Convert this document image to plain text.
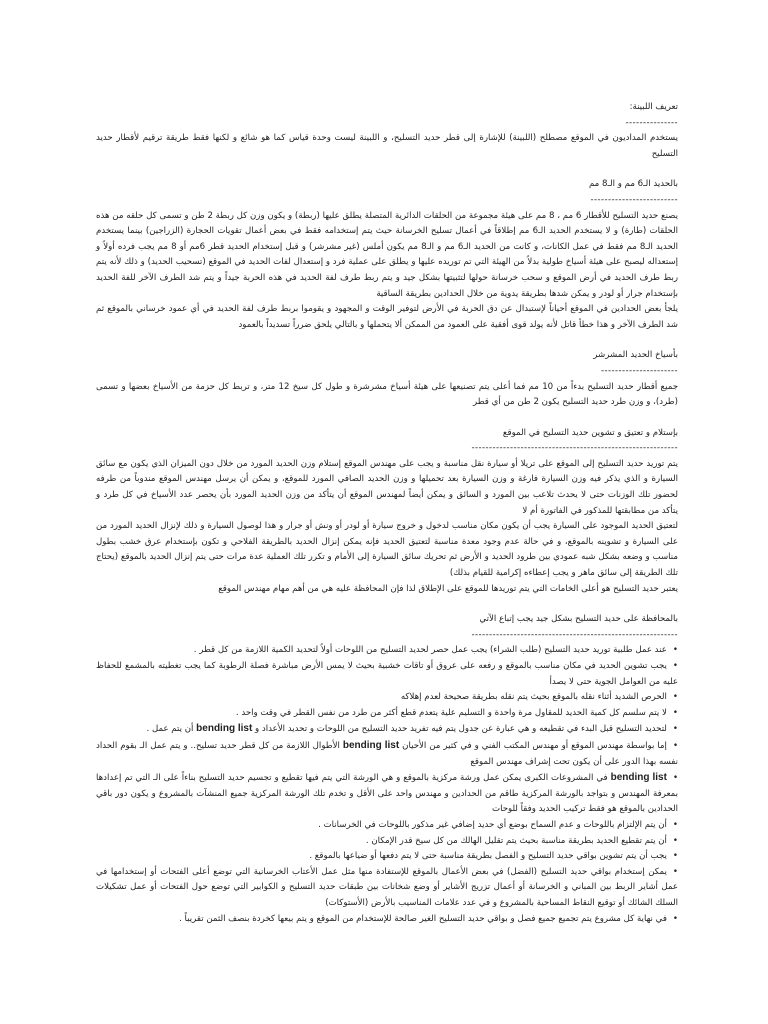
تعريف اللبينة:

---------------

يستخدم المداديون في الموقع مصطلح (اللبينة) للإشارة إلى قطر حديد التسليح، و اللبينة ليست وحدة قياس كما هو شائع و لكنها فقط طريقة ترقيم لأقطار حديد التسليح

بالحديد الـ6 مم و الـ8 مم

-------------------------

يصنع حديد التسليح للأقطار 6 مم ، 8 مم على هيئة مجموعة من الحلقات الدائرية المتصلة يطلق عليها (ربطة) و يكون وزن كل ربطة 2 طن و تسمى كل حلقه من هذه الحلقات (طارة) و لا يستخدم الحديد الـ6 مم إطلاقاً في أعمال تسليح الخرسانة حيث يتم إستخدامه فقط في بعض أعمال تقويات الحجارة (الزراجين) بينما يستخدم الحديد الـ8 مم فقط في عمل الكانات، و كانت من الحديد الـ6 مم و الـ8 مم يكون أملس (غير مشرشر) و قبل إستخدام الحديد قطر 6مم أو 8 مم يجب فرده أولاً و إستعداله ليصبح على هيئة أسياخ طولية بدلاً من الهيئة التي تم توريده عليها و يطلق على عملية فرد و إستعدال لفات الحديد في الموقع (تسحيب الحديد) و ذلك لأنه يتم ربط طرف الحديد في أرض الموقع و سحب خرسانة حولها لتثبيتها بشكل جيد و يتم ربط طرف لفة الحديد في هذه الحربة جيداً و يتم شد الطرف الآخر للفة الحديد بإستخدام جرار أو لودر و يمكن شدها بطريقة يدوية من خلال الحدادين بطريقة الساقية

يلجأ بعض الحدادين في الموقع أحياناً لإستبدال عن دق الحربة في الأرض لتوفير الوقت و المجهود و يقوموا بربط طرف لفة الحديد في أي عمود خرساني بالموقع ثم شد الطرف الآخر و هذا خطأ قاتل لأنه يولد قوى أفقية على العمود من الممكن ألا يتحملها و بالتالي يلحق ضرراً تسديداً بالعمود

بأسياخ الحديد المشرشر

----------------------

جميع أقطار حديد التسليح بدءاً من 10 مم فما أعلى يتم تصنيعها على هيئة أسياخ مشرشرة و طول كل سيخ 12 متر، و تربط كل حزمة من الأسياخ بعضها و تسمى (طرد)، و وزن طرد حديد التسليح يكون 2 طن من أي قطر

بإستلام و تعتيق و تشوين حديد التسليح في الموقع

-----------------------------------------------------------

يتم توريد حديد التسليح إلى الموقع على تريلا أو سيارة نقل مناسبة و يجب على مهندس الموقع إستلام وزن الحديد المورد من خلال دون الميزان الذي يكون مع سائق السيارة و الذي يذكر فيه وزن السيارة فارغة و وزن السيارة بعد تحميلها و وزن الحديد الصافي المورد للموقع، و يمكن أن يرسل مهندس الموقع مندوباً من طرفه لحضور تلك الوزنات حتى لا يحدث تلاعب بين المورد و السائق و يمكن أيضاً لمهندس الموقع أن يتأكد من وزن الحديد المورد بأن يحصر عدد الأسياخ في كل طرد و يتأكد من مطابقتها للمذكور في الفاتورة أم لا

لتعتيق الحديد الموجود على السيارة يجب أن يكون مكان مناسب لدخول و خروج سيارة أو لودر أو ونش أو جرار و هذا لوصول السيارة و ذلك لإنزال الحديد المورد من على السيارة و تشوينه بالموقع، و في حالة عدم وجود معدة مناسبة لتعتيق الحديد فإنه يمكن إنزال الحديد بالطريقة الفلاحي و تكون بإستخدام عرق خشب بطول مناسب و وضعه بشكل شبه عمودي بين طرود الحديد و الأرض ثم تحريك سائق السيارة إلى الأمام و تكرر تلك العملية عدة مرات حتى يتم إنزال الحديد بالموقع (يحتاج تلك الطريقة إلى سائق ماهر و يجب إعطاءه إكرامية للقيام بذلك)

يعتبر حديد التسليح هو أعلى الخامات التي يتم توريدها للموقع على الإطلاق لذا فإن المحافظة عليه هي من أهم مهام مهندس الموقع

بالمحافظة على حديد التسليح بشكل جيد يجب إتباع الآتي

-----------------------------------------------------------

•عند عمل طلبية توريد حديد التسليح (طلب الشراء) يجب عمل حصر لحديد التسليح من اللوحات أولاً لتحديد الكمية اللازمة من كل قطر .
•يجب تشوين الحديد في مكان مناسب بالموقع و رفعه على عروق أو تاقات خشبية بحيث لا يمس الأرض مباشرة فصلة الرطوبة كما يجب تغطيته بالمشمع للحفاظ عليه من العوامل الجوية حتى لا يصدأ
•الحرص الشديد أثناء نقله بالموقع بحيث يتم نقله بطريقة صحيحة لعدم إهلاكه
•لا يتم سلسم كل كمية الحديد للمقاول مرة واحدة و التسليم علية يتعدم قطع أكثر من طرد من نفس القطر في وقت واحد .
•لتحديد التسليح قبل البدء في تقطيعه و هي عبارة عن جدول يتم فيه تفريد حديد التسليح من اللوحات و تحديد الأعداد و bending list أن يتم عمل .
•إما بواسطة مهندس الموقع أو مهندس المكتب الفني و في كثير من الأحيان bending list الأطوال اللازمة من كل قطر حديد تسليح.. و يتم عمل الـ بقوم الحداد نفسه بهذا الدور على أن يكون تحت إشراف مهندس الموقع
•bending list في المشروعات الكبرى يمكن عمل ورشة مركزية بالموقع و هي الورشة التي يتم فيها تقطيع و تجسيم حديد التسليح بناءاً على الـ التي تم إعدادها بمعرفة المهندس و بتواجد بالورشة المركزية طاقم من الحدادين و مهندس واحد على الأقل و تخدم تلك الورشة المركزية جميع المنشآت بالمشروع و يكون دور باقي الحدادين بالموقع هو فقط تركيب الحديد وفقاً للوحات
•أن يتم الإلتزام باللوحات و عدم السماح بوضع أي حديد إضافي غير مذكور باللوحات في الخرسانات .
•أن يتم تقطيع الحديد بطريقة مناسبة بحيث يتم تقليل الهالك من كل سيخ قدر الإمكان .
•يجب أن يتم تشوين بواقي حديد التسليح و الفصل بطريقة مناسبة حتى لا يتم دفعها أو ضياعها بالموقع .
•يمكن إستخدام بواقي حديد التسليح (الفضل) في بعض الأعمال بالموقع للإستفادة منها مثل عمل الأعتاب الخرسانية التي توضع أعلى الفتحات أو إستخدامها في عمل أشاير الربط بين المباني و الخرسانة أو أعمال تزريج الأشاير أو وضع شخانات بين طبقات حديد التسليح و الكوابير التي توضع حول الفتحات أو عمل تشكيلات السلك الشائك أو توقيع النقاط المساحية بالمشروع و في عدد علامات المناسيب بالأرض (الأستوكات)
•في نهاية كل مشروع يتم تجميع جميع فصل و بواقي حديد التسليح الغير صالحة للإستخدام من الموقع و يتم بيعها كخردة بنصف الثمن تقريباً .
